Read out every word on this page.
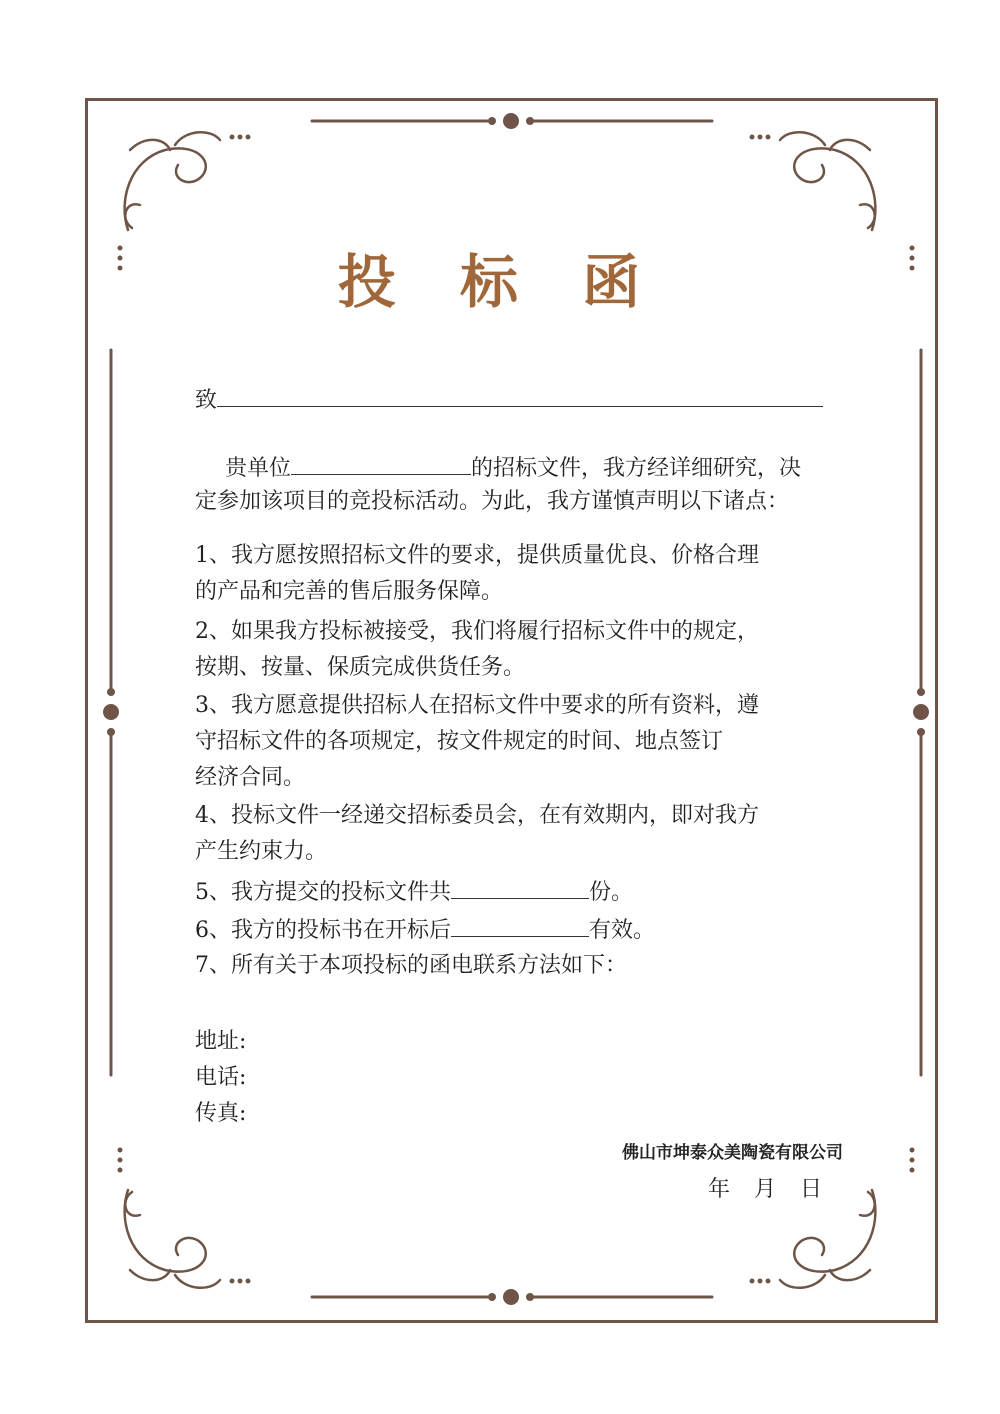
投 标 函
致
贵单位	的招标文件，我方经详细研究，决
定参加该项目的竞投标活动。为此，我方谨慎声明以下诸点：
1、我方愿按照招标文件的要求，提供质量优良、价格合理
的产品和完善的售后服务保障。
2、如果我方投标被接受，我们将履行招标文件中的规定，
按期、按量、保质完成供货任务。
3、我方愿意提供招标人在招标文件中要求的所有资料，遵
守招标文件的各项规定，按文件规定的时间、地点签订
经济合同。
4、投标文件一经递交招标委员会，在有效期内，即对我方
产生约束力。
5、我方提交的投标文件共	份。
6、我方的投标书在开标后	有效。
7、所有关于本项投标的函电联系方法如下：
地址:
电话:
传真:
佛山市坤泰众美陶瓷有限公司
年 月 日
